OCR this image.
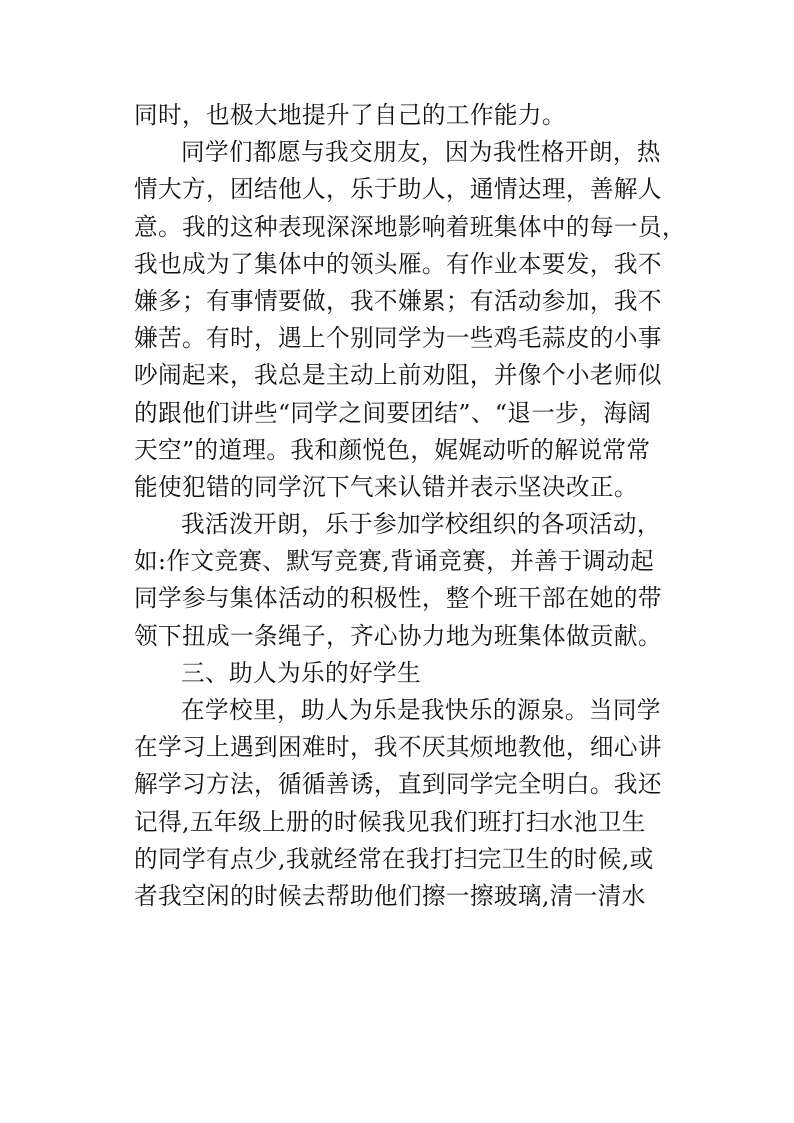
同时，也极大地提升了自己的工作能力。
同学们都愿与我交朋友，因为我性格开朗，热
情大方，团结他人，乐于助人，通情达理，善解人
意。我的这种表现深深地影响着班集体中的每一员，
我也成为了集体中的领头雁。有作业本要发，我不
嫌多；有事情要做，我不嫌累；有活动参加，我不
嫌苦。有时，遇上个别同学为一些鸡毛蒜皮的小事
吵闹起来，我总是主动上前劝阻，并像个小老师似
的跟他们讲些“同学之间要团结”、“退一步，海阔
天空”的道理。我和颜悦色，娓娓动听的解说常常
能使犯错的同学沉下气来认错并表示坚决改正。
我活泼开朗，乐于参加学校组织的各项活动，
如:作文竞赛、默写竞赛,背诵竞赛，并善于调动起
同学参与集体活动的积极性，整个班干部在她的带
领下扭成一条绳子，齐心协力地为班集体做贡献。
三、助人为乐的好学生
在学校里，助人为乐是我快乐的源泉。当同学
在学习上遇到困难时，我不厌其烦地教他，细心讲
解学习方法，循循善诱，直到同学完全明白。我还
记得,五年级上册的时候我见我们班打扫水池卫生
的同学有点少,我就经常在我打扫完卫生的时候,或
者我空闲的时候去帮助他们擦一擦玻璃,清一清水
